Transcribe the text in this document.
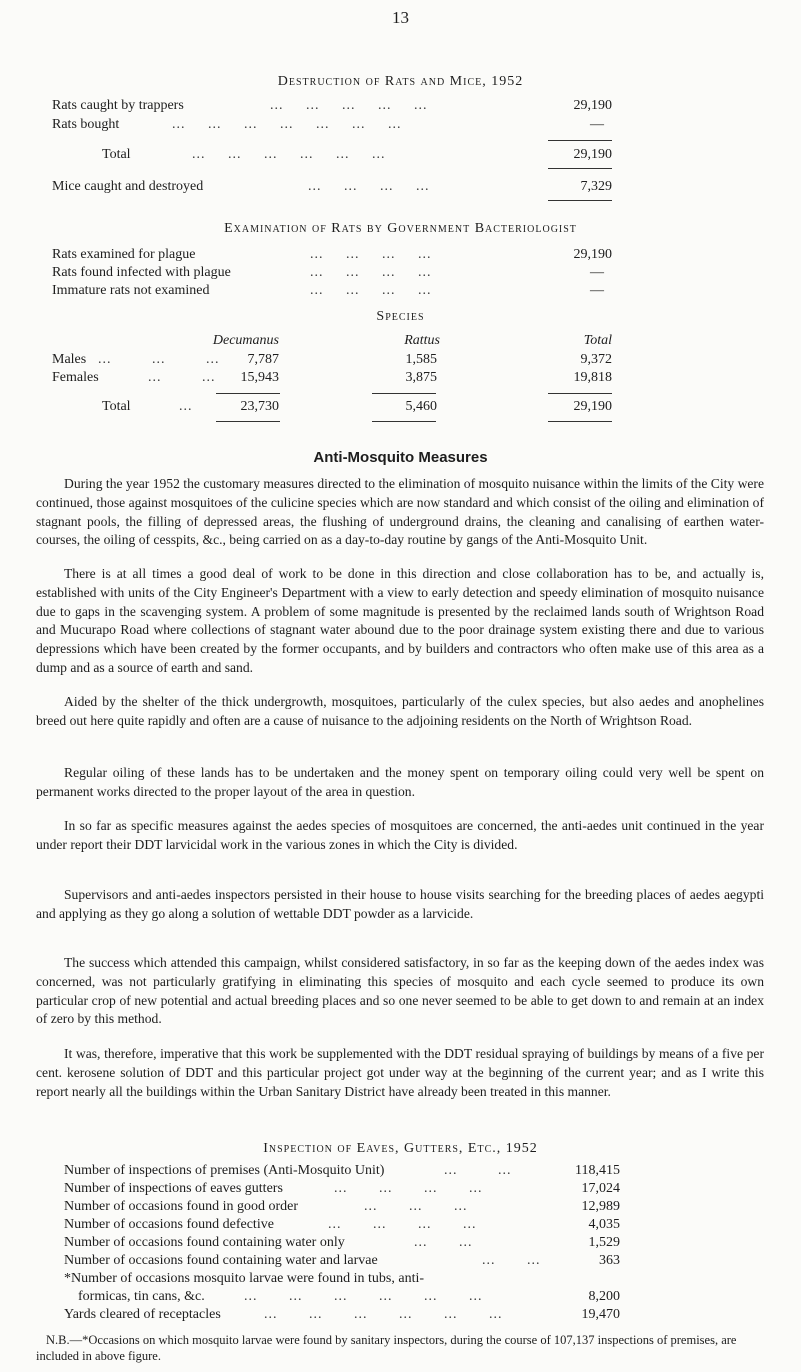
13
Destruction of Rats and Mice, 1952
Rats caught by trappers	...     ...     ...     ...     ...	29,190
Rats bought	...     ...     ...     ...     ...     ...     ...	—
Total	...     ...     ...     ...     ...     ...	29,190
Mice caught and destroyed	...     ...     ...     ...	7,329
Examination of Rats by Government Bacteriologist
Rats examined for plague	...     ...     ...     ...	29,190
Rats found infected with plague	...     ...     ...     ...	—
Immature rats not examined	...     ...     ...     ...	—
Species
Decumanus	Rattus	Total
Males ...         ...         ... 7,787	1,585	9,372
Females	...         ... 15,943	3,875	19,818
Total	...	23,730	5,460	29,190
Anti-Mosquito Measures

During the year 1952 the customary measures directed to the elimination of mosquito nuisance within the limits of the City were continued, those against mosquitoes of the culicine species which are now standard and which consist of the oiling and elimination of stagnant pools, the filling of depressed areas, the flushing of underground drains, the cleaning and canalising of earthen water-courses, the oiling of cesspits, &c., being carried on as a day-to-day routine by gangs of the Anti-Mosquito Unit.

There is at all times a good deal of work to be done in this direction and close collaboration has to be, and actually is, established with units of the City Engineer's Department with a view to early detection and speedy elimination of mosquito nuisance due to gaps in the scavenging system. A problem of some magnitude is presented by the reclaimed lands south of Wrightson Road and Mucurapo Road where collections of stagnant water abound due to the poor drainage system existing there and due to various depressions which have been created by the former occupants, and by builders and contractors who often make use of this area as a dump and as a source of earth and sand.

Aided by the shelter of the thick undergrowth, mosquitoes, particularly of the culex species, but also aedes and anophelines breed out here quite rapidly and often are a cause of nuisance to the adjoining residents on the North of Wrightson Road.

Regular oiling of these lands has to be undertaken and the money spent on temporary oiling could very well be spent on permanent works directed to the proper layout of the area in question.

In so far as specific measures against the aedes species of mosquitoes are concerned, the anti-aedes unit continued in the year under report their DDT larvicidal work in the various zones in which the City is divided.

Supervisors and anti-aedes inspectors persisted in their house to house visits searching for the breeding places of aedes aegypti and applying as they go along a solution of wettable DDT powder as a larvicide.

The success which attended this campaign, whilst considered satisfactory, in so far as the keeping down of the aedes index was concerned, was not particularly gratifying in eliminating this species of mosquito and each cycle seemed to produce its own particular crop of new potential and actual breeding places and so one never seemed to be able to get down to and remain at an index of zero by this method.

It was, therefore, imperative that this work be supplemented with the DDT residual spraying of buildings by means of a five per cent. kerosene solution of DDT and this particular project got under way at the beginning of the current year; and as I write this report nearly all the buildings within the Urban Sanitary District have already been treated in this manner.

Inspection of Eaves, Gutters, Etc., 1952
Number of inspections of premises (Anti-Mosquito Unit)	...         ...	118,415
Number of inspections of eaves gutters	...       ...       ...       ...	17,024
Number of occasions found in good order	...       ...       ...	12,989
Number of occasions found defective	...       ...       ...       ...	4,035
Number of occasions found containing water only	...       ...	1,529
Number of occasions found containing water and larvae	...       ...	363
*Number of occasions mosquito larvae were found in tubs, anti-
formicas, tin cans, &c.	...       ...       ...       ...       ...       ...	8,200
Yards cleared of receptacles	...       ...       ...       ...       ...       ...	19,470

N.B.—*Occasions on which mosquito larvae were found by sanitary inspectors, during the course of 107,137 inspections of premises, are included in above figure.
